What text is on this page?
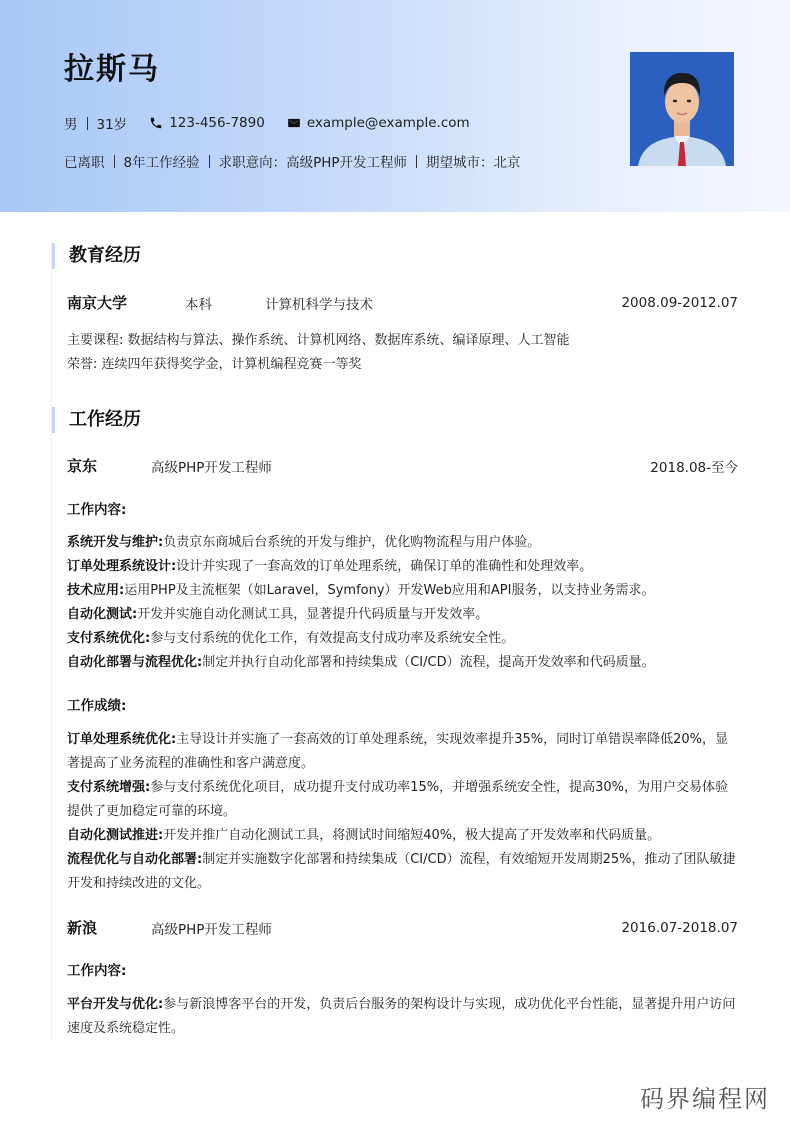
拉斯马
男 31岁	123-456-7890	example@example.com
已离职 8年工作经验 求职意向：高级PHP开发工程师 期望城市：北京
教育经历
南京大学	本科	计算机科学与技术	2008.09-2012.07
主要课程: 数据结构与算法、操作系统、计算机网络、数据库系统、编译原理、人工智能
荣誉: 连续四年获得奖学金，计算机编程竞赛一等奖
工作经历
京东	高级PHP开发工程师	2018.08-至今
工作内容:
系统开发与维护:负责京东商城后台系统的开发与维护，优化购物流程与用户体验。
订单处理系统设计:设计并实现了一套高效的订单处理系统，确保订单的准确性和处理效率。
技术应用:运用PHP及主流框架（如Laravel，Symfony）开发Web应用和API服务，以支持业务需求。
自动化测试:开发并实施自动化测试工具，显著提升代码质量与开发效率。
支付系统优化:参与支付系统的优化工作，有效提高支付成功率及系统安全性。
自动化部署与流程优化:制定并执行自动化部署和持续集成（CI/CD）流程，提高开发效率和代码质量。
工作成绩:
订单处理系统优化:主导设计并实施了一套高效的订单处理系统，实现效率提升35%，同时订单错误率降低20%，显著提高了业务流程的准确性和客户满意度。
支付系统增强:参与支付系统优化项目，成功提升支付成功率15%，并增强系统安全性，提高30%，为用户交易体验提供了更加稳定可靠的环境。
自动化测试推进:开发并推广自动化测试工具，将测试时间缩短40%，极大提高了开发效率和代码质量。
流程优化与自动化部署:制定并实施数字化部署和持续集成（CI/CD）流程，有效缩短开发周期25%，推动了团队敏捷开发和持续改进的文化。
新浪	高级PHP开发工程师	2016.07-2018.07
工作内容:
平台开发与优化:参与新浪博客平台的开发，负责后台服务的架构设计与实现，成功优化平台性能，显著提升用户访问速度及系统稳定性。
码界编程网
